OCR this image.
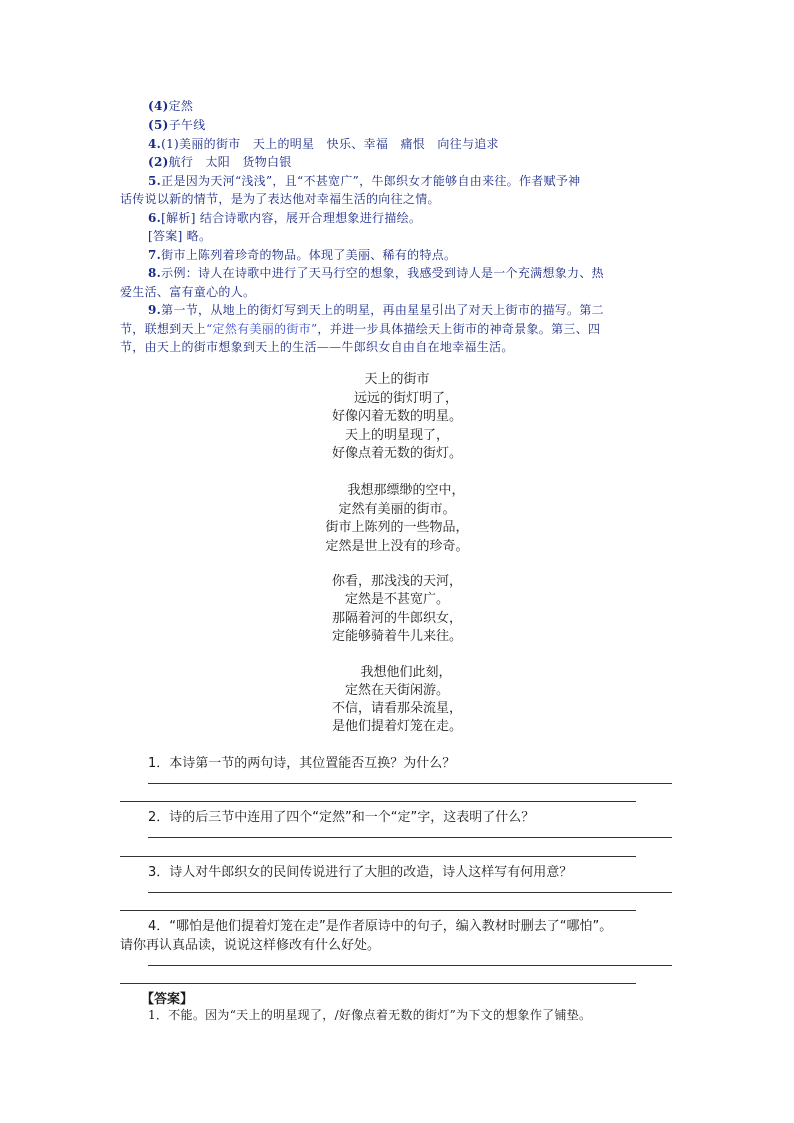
(4)定然
(5)子午线
4.(1)美丽的街市　天上的明星　快乐、幸福　痛恨　向往与追求
(2)航行　太阳　货物白银
5.正是因为天河“浅浅”，且“不甚宽广”，牛郎织女才能够自由来往。作者赋予神
话传说以新的情节，是为了表达他对幸福生活的向往之情。
6.[解析] 结合诗歌内容，展开合理想象进行描绘。
[答案] 略。
7.街市上陈列着珍奇的物品。体现了美丽、稀有的特点。
8.示例：诗人在诗歌中进行了天马行空的想象，我感受到诗人是一个充满想象力、热
爱生活、富有童心的人。
9.第一节，从地上的街灯写到天上的明星，再由星星引出了对天上街市的描写。第二
节，联想到天上“定然有美丽的街市”，并进一步具体描绘天上街市的神奇景象。第三、四
节，由天上的街市想象到天上的生活——牛郎织女自由自在地幸福生活。
天上的街市
远远的街灯明了，
好像闪着无数的明星。
天上的明星现了，
好像点着无数的街灯。
我想那缥缈的空中，
定然有美丽的街市。
街市上陈列的一些物品，
定然是世上没有的珍奇。
你看，那浅浅的天河，
定然是不甚宽广。
那隔着河的牛郎织女，
定能够骑着牛儿来往。
我想他们此刻，
定然在天街闲游。
不信，请看那朵流星，
是他们提着灯笼在走。
1．本诗第一节的两句诗，其位置能否互换？为什么？
2．诗的后三节中连用了四个“定然”和一个“定”字，这表明了什么？
3．诗人对牛郎织女的民间传说进行了大胆的改造，诗人这样写有何用意？
4．“哪怕是他们提着灯笼在走”是作者原诗中的句子，编入教材时删去了“哪怕”。
请你再认真品读，说说这样修改有什么好处。
【答案】
1．不能。因为“天上的明星现了，/好像点着无数的街灯”为下文的想象作了铺垫。
